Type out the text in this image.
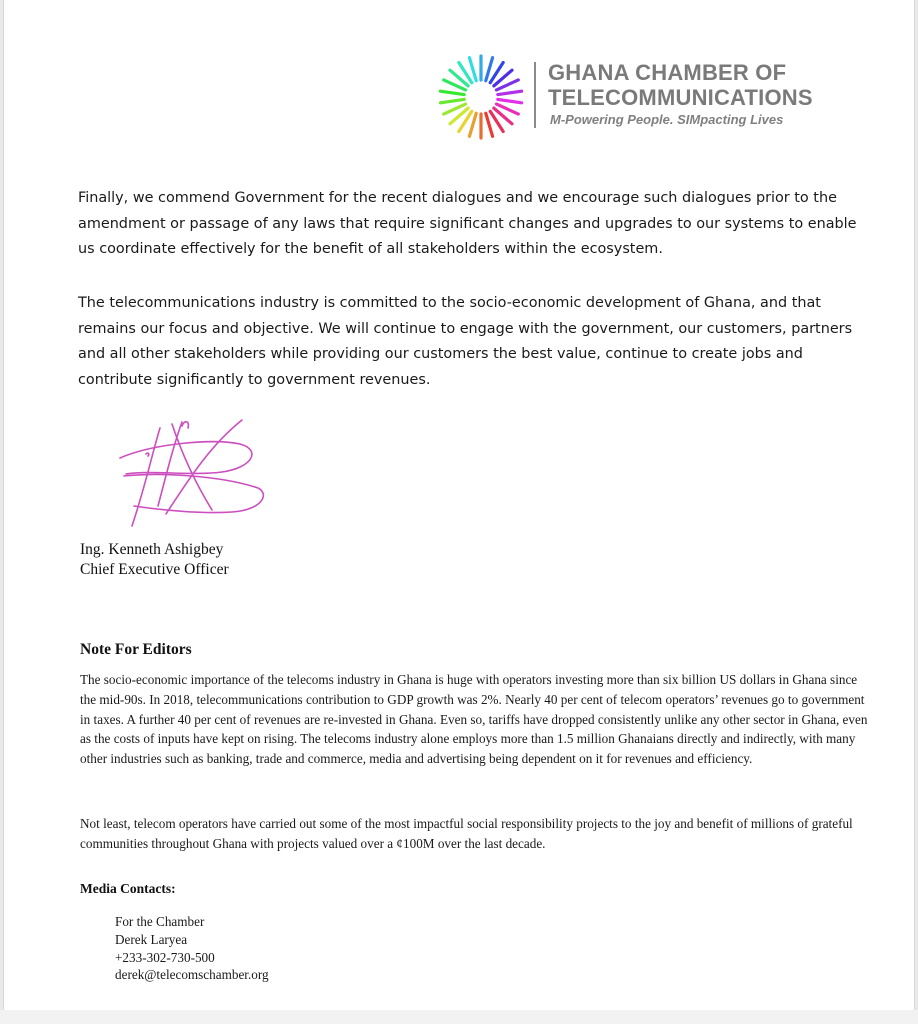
GHANA CHAMBER OF
TELECOMMUNICATIONS
M-Powering People. SIMpacting Lives

Finally, we commend Government for the recent dialogues and we encourage such dialogues prior to the amendment or passage of any laws that require significant changes and upgrades to our systems to enable us coordinate effectively for the benefit of all stakeholders within the ecosystem.

The telecommunications industry is committed to the socio-economic development of Ghana, and that remains our focus and objective. We will continue to engage with the government, our customers, partners and all other stakeholders while providing our customers the best value, continue to create jobs and contribute significantly to government revenues.

Ing. Kenneth Ashigbey
Chief Executive Officer
Note For Editors

The socio-economic importance of the telecoms industry in Ghana is huge with operators investing more than six billion US dollars in Ghana since the mid-90s. In 2018, telecommunications contribution to GDP growth was 2%. Nearly 40 per cent of telecom operators’ revenues go to government in taxes. A further 40 per cent of revenues are re-invested in Ghana. Even so, tariffs have dropped consistently unlike any other sector in Ghana, even as the costs of inputs have kept on rising. The telecoms industry alone employs more than 1.5 million Ghanaians directly and indirectly, with many other industries such as banking, trade and commerce, media and advertising being dependent on it for revenues and efficiency.

Not least, telecom operators have carried out some of the most impactful social responsibility projects to the joy and benefit of millions of grateful communities throughout Ghana with projects valued over a ¢100M over the last decade.

Media Contacts:
For the Chamber
Derek Laryea
+233-302-730-500
derek@telecomschamber.org
